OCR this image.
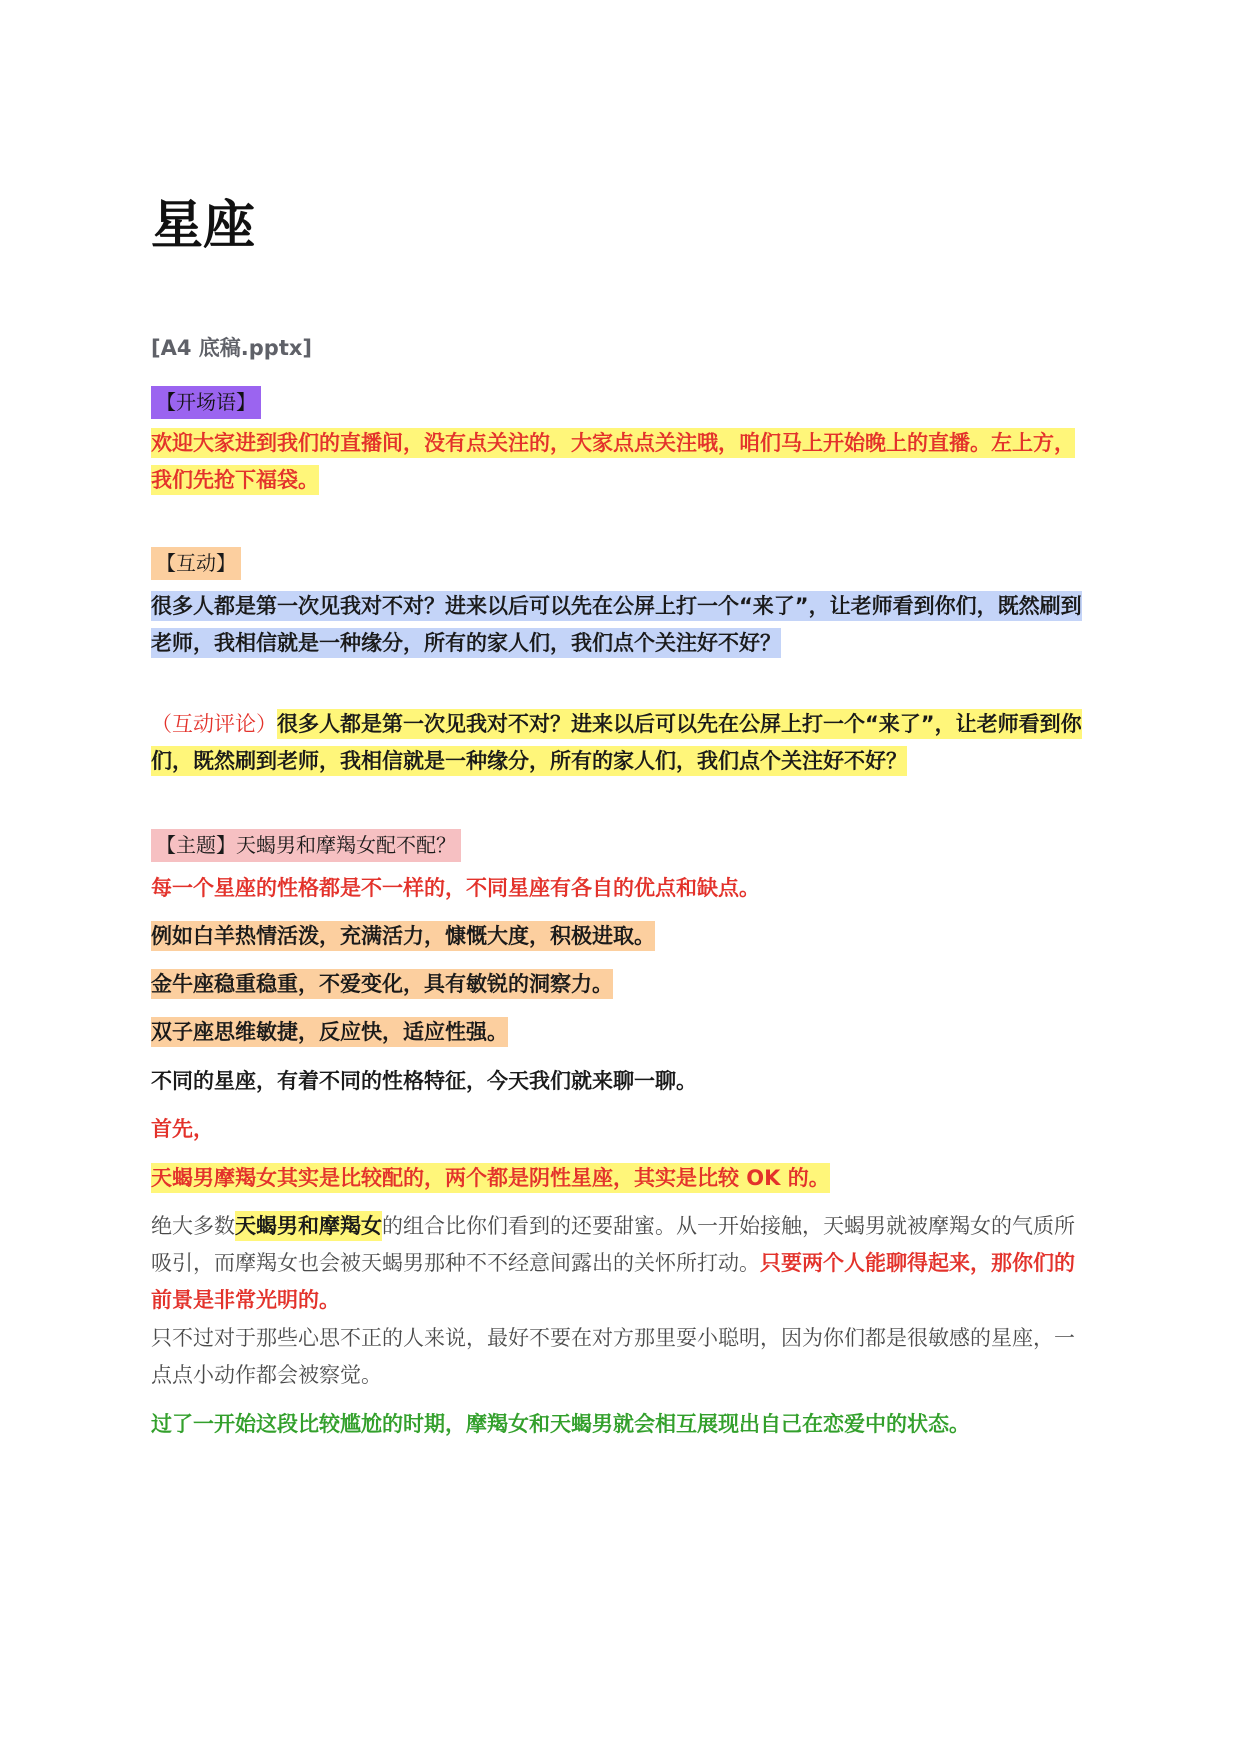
星座
[A4 底稿.pptx]
【开场语】
欢迎大家进到我们的直播间，没有点关注的，大家点点关注哦，咱们马上开始晚上的直播。左上方，我们先抢下福袋。
【互动】
很多人都是第一次见我对不对？进来以后可以先在公屏上打一个“来了”，让老师看到你们，既然刷到老师，我相信就是一种缘分，所有的家人们，我们点个关注好不好？
（互动评论）很多人都是第一次见我对不对？进来以后可以先在公屏上打一个“来了”，让老师看到你们，既然刷到老师，我相信就是一种缘分，所有的家人们，我们点个关注好不好？
【主题】天蝎男和摩羯女配不配？
每一个星座的性格都是不一样的，不同星座有各自的优点和缺点。
例如白羊热情活泼，充满活力，慷慨大度，积极进取。
金牛座稳重稳重，不爱变化，具有敏锐的洞察力。
双子座思维敏捷，反应快，适应性强。
不同的星座，有着不同的性格特征，今天我们就来聊一聊。
首先，
天蝎男摩羯女其实是比较配的，两个都是阴性星座，其实是比较 OK 的。
绝大多数天蝎男和摩羯女的组合比你们看到的还要甜蜜。从一开始接触，天蝎男就被摩羯女的气质所吸引，而摩羯女也会被天蝎男那种不不经意间露出的关怀所打动。只要两个人能聊得起来，那你们的前景是非常光明的。
只不过对于那些心思不正的人来说，最好不要在对方那里耍小聪明，因为你们都是很敏感的星座，一点点小动作都会被察觉。
过了一开始这段比较尴尬的时期，摩羯女和天蝎男就会相互展现出自己在恋爱中的状态。
